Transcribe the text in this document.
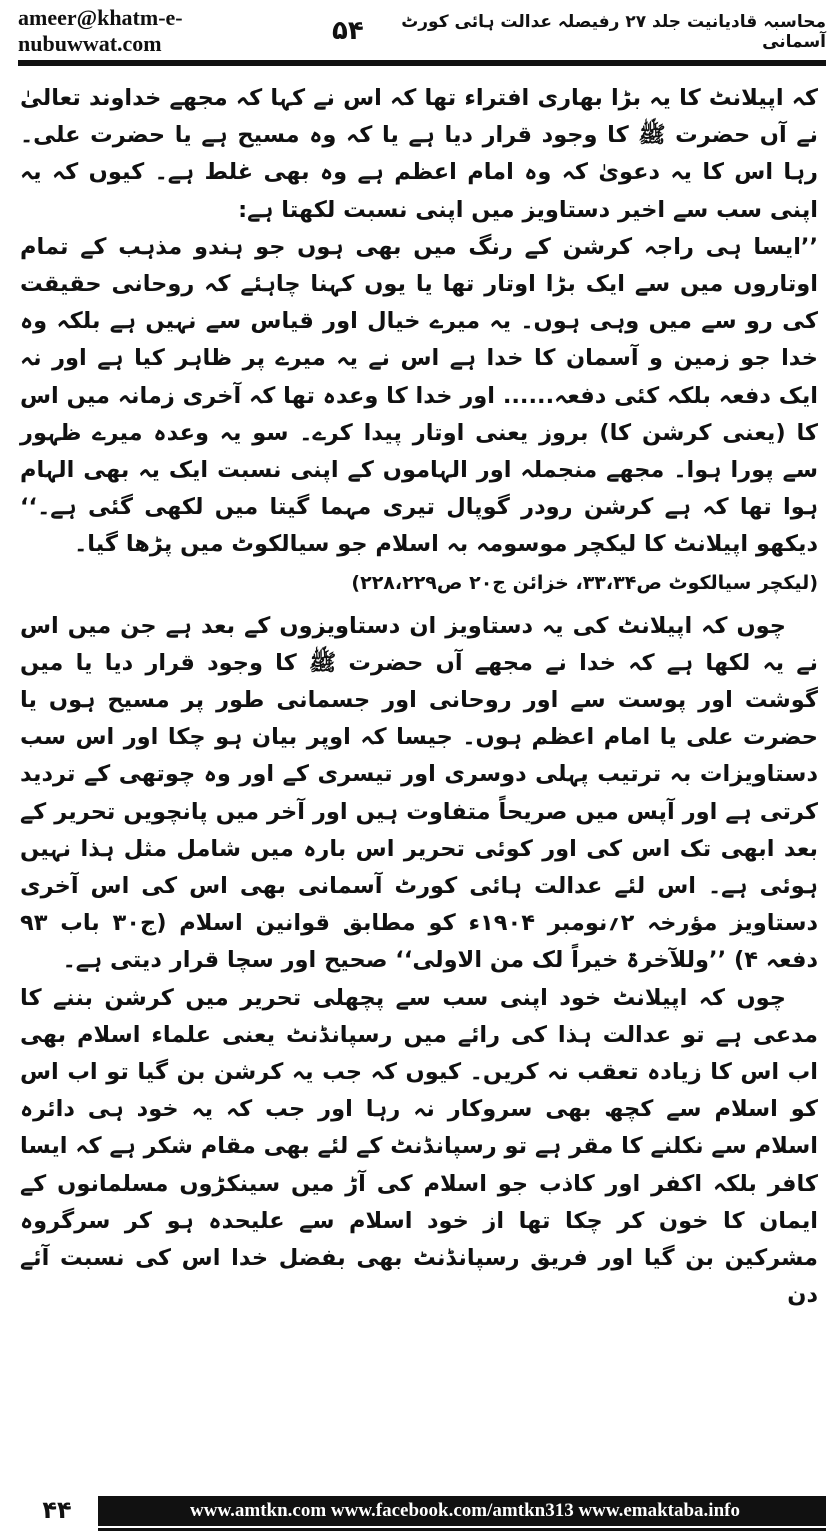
ameer@khatm-e-nubuwwat.com	۵۴	محاسبہ قادیانیت جلد ۲۷ رفیصلہ عدالت ہائی کورٹ آسمانی

کہ اپیلانٹ کا یہ بڑا بھاری افتراء تھا کہ اس نے کہا کہ مجھے خداوند تعالیٰ نے آں حضرت ﷺ کا وجود قرار دیا ہے یا کہ وہ مسیح ہے یا حضرت علی۔ رہا اس کا یہ دعویٰ کہ وہ امام اعظم ہے وہ بھی غلط ہے۔ کیوں کہ یہ اپنی سب سے اخیر دستاویز میں اپنی نسبت لکھتا ہے:

’’ایسا ہی راجہ کرشن کے رنگ میں بھی ہوں جو ہندو مذہب کے تمام اوتاروں میں سے ایک بڑا اوتار تھا یا یوں کہنا چاہئے کہ روحانی حقیقت کی رو سے میں وہی ہوں۔ یہ میرے خیال اور قیاس سے نہیں ہے بلکہ وہ خدا جو زمین و آسمان کا خدا ہے اس نے یہ میرے پر ظاہر کیا ہے اور نہ ایک دفعہ بلکہ کئی دفعہ...... اور خدا کا وعدہ تھا کہ آخری زمانہ میں اس کا (یعنی کرشن کا) بروز یعنی اوتار پیدا کرے۔ سو یہ وعدہ میرے ظہور سے پورا ہوا۔ مجھے منجملہ اور الہاموں کے اپنی نسبت ایک یہ بھی الہام ہوا تھا کہ ہے کرشن رودر گوپال تیری مہما گیتا میں لکھی گئی ہے۔‘‘ دیکھو اپیلانٹ کا لیکچر موسومہ بہ اسلام جو سیالکوٹ میں پڑھا گیا۔

(لیکچر سیالکوٹ ص۳۳،۳۴، خزائن ج۲۰ ص۲۲۸،۲۲۹)

چوں کہ اپیلانٹ کی یہ دستاویز ان دستاویزوں کے بعد ہے جن میں اس نے یہ لکھا ہے کہ خدا نے مجھے آں حضرت ﷺ کا وجود قرار دیا یا میں گوشت اور پوست سے اور روحانی اور جسمانی طور پر مسیح ہوں یا حضرت علی یا امام اعظم ہوں۔ جیسا کہ اوپر بیان ہو چکا اور اس سب دستاویزات بہ ترتیب پہلی دوسری اور تیسری کے اور وہ چوتھی کے تردید کرتی ہے اور آپس میں صریحاً متفاوت ہیں اور آخر میں پانچویں تحریر کے بعد ابھی تک اس کی اور کوئی تحریر اس بارہ میں شامل مثل ہذا نہیں ہوئی ہے۔ اس لئے عدالت ہائی کورٹ آسمانی بھی اس کی اس آخری دستاویز مؤرخہ ۲؍نومبر ۱۹۰۴ء کو مطابق قوانین اسلام (ج۳۰ باب ۹۳ دفعہ ۴) ’’وللآخرۃ خیراً لک من الاولی‘‘ صحیح اور سچا قرار دیتی ہے۔

چوں کہ اپیلانٹ خود اپنی سب سے پچھلی تحریر میں کرشن بننے کا مدعی ہے تو عدالت ہذا کی رائے میں رسپانڈنٹ یعنی علماء اسلام بھی اب اس کا زیادہ تعقب نہ کریں۔ کیوں کہ جب یہ کرشن بن گیا تو اب اس کو اسلام سے کچھ بھی سروکار نہ رہا اور جب کہ یہ خود ہی دائرہ اسلام سے نکلنے کا مقر ہے تو رسپانڈنٹ کے لئے بھی مقام شکر ہے کہ ایسا کافر بلکہ اکفر اور کاذب جو اسلام کی آڑ میں سینکڑوں مسلمانوں کے ایمان کا خون کر چکا تھا از خود اسلام سے علیحدہ ہو کر سرگروہ مشرکین بن گیا اور فریق رسپانڈنٹ بھی بفضل خدا اس کی نسبت آئے دن

۴۴	www.amtkn.com www.facebook.com/amtkn313 www.emaktaba.info
